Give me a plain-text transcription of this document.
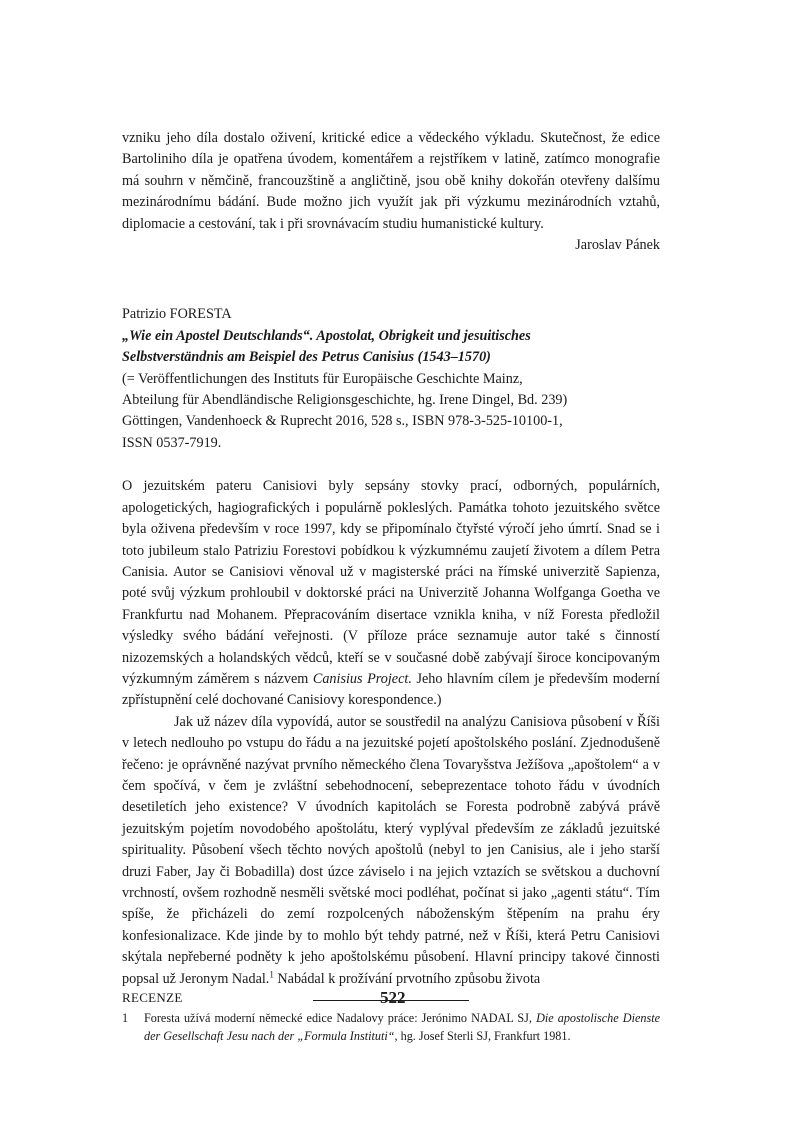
vzniku jeho díla dostalo oživení, kritické edice a vědeckého výkladu. Skutečnost, že edice Bartoliniho díla je opatřena úvodem, komentářem a rejstříkem v latině, zatímco monografie má souhrn v němčině, francouzštině a angličtině, jsou obě knihy dokořán otevřeny dalšímu mezinárodnímu bádání. Bude možno jich využít jak při výzkumu mezinárodních vztahů, diplomacie a cestování, tak i při srovnávacím studiu humanistické kultury.

Jaroslav Pánek

Patrizio FORESTA
„Wie ein Apostel Deutschlands“. Apostolat, Obrigkeit und jesuitisches
Selbstverständnis am Beispiel des Petrus Canisius (1543–1570)
(= Veröffentlichungen des Instituts für Europäische Geschichte Mainz,
Abteilung für Abendländische Religionsgeschichte, hg. Irene Dingel, Bd. 239)
Göttingen, Vandenhoeck & Ruprecht 2016, 528 s., ISBN 978-3-525-10100-1,
ISSN 0537-7919.

O jezuitském pateru Canisiovi byly sepsány stovky prací, odborných, populárních, apologetických, hagiografických i populárně pokleslých. Památka tohoto jezuitského světce byla oživena především v roce 1997, kdy se připomínalo čtyřsté výročí jeho úmrtí. Snad se i toto jubileum stalo Patriziu Forestovi pobídkou k výzkumnému zaujetí životem a dílem Petra Canisia. Autor se Canisiovi věnoval už v magisterské práci na římské univerzitě Sapienza, poté svůj výzkum prohloubil v doktorské práci na Univerzitě Johanna Wolfganga Goetha ve Frankfurtu nad Mohanem. Přepracováním disertace vznikla kniha, v níž Foresta předložil výsledky svého bádání veřejnosti. (V příloze práce seznamuje autor také s činností nizozemských a holandských vědců, kteří se v současné době zabývají široce koncipovaným výzkumným záměrem s názvem Canisius Project. Jeho hlavním cílem je především moderní zpřístupnění celé dochované Canisiovy korespondence.)

Jak už název díla vypovídá, autor se soustředil na analýzu Canisiova působení v Říši v letech nedlouho po vstupu do řádu a na jezuitské pojetí apoštolského poslání. Zjednodušeně řečeno: je oprávněné nazývat prvního německého člena Tovaryšstva Ježíšova „apoštolem“ a v čem spočívá, v čem je zvláštní sebehodnocení, sebeprezentace tohoto řádu v úvodních desetiletích jeho existence? V úvodních kapitolách se Foresta podrobně zabývá právě jezuitským pojetím novodobého apoštolátu, který vyplýval především ze základů jezuitské spirituality. Působení všech těchto nových apoštolů (nebyl to jen Canisius, ale i jeho starší druzi Faber, Jay či Bobadilla) dost úzce záviselo i na jejich vztazích se světskou a duchovní vrchností, ovšem rozhodně nesměli světské moci podléhat, počínat si jako „agenti státu“. Tím spíše, že přicházeli do zemí rozpolcených náboženským štěpením na prahu éry konfesionalizace. Kde jinde by to mohlo být tehdy patrné, než v Říši, která Petru Canisiovi skýtala nepřeberné podněty k jeho apoštolskému působení. Hlavní principy takové činnosti popsal už Jeronym Nadal.$^1$ Nabádal k prožívání prvotního způsobu života

1	Foresta užívá moderní německé edice Nadalovy práce: Jerónimo NADAL SJ, Die apostolische Dienste der Gesellschaft Jesu nach der „Formula Instituti“, hg. Josef Sterli SJ, Frankfurt 1981.
RECENZE	522
